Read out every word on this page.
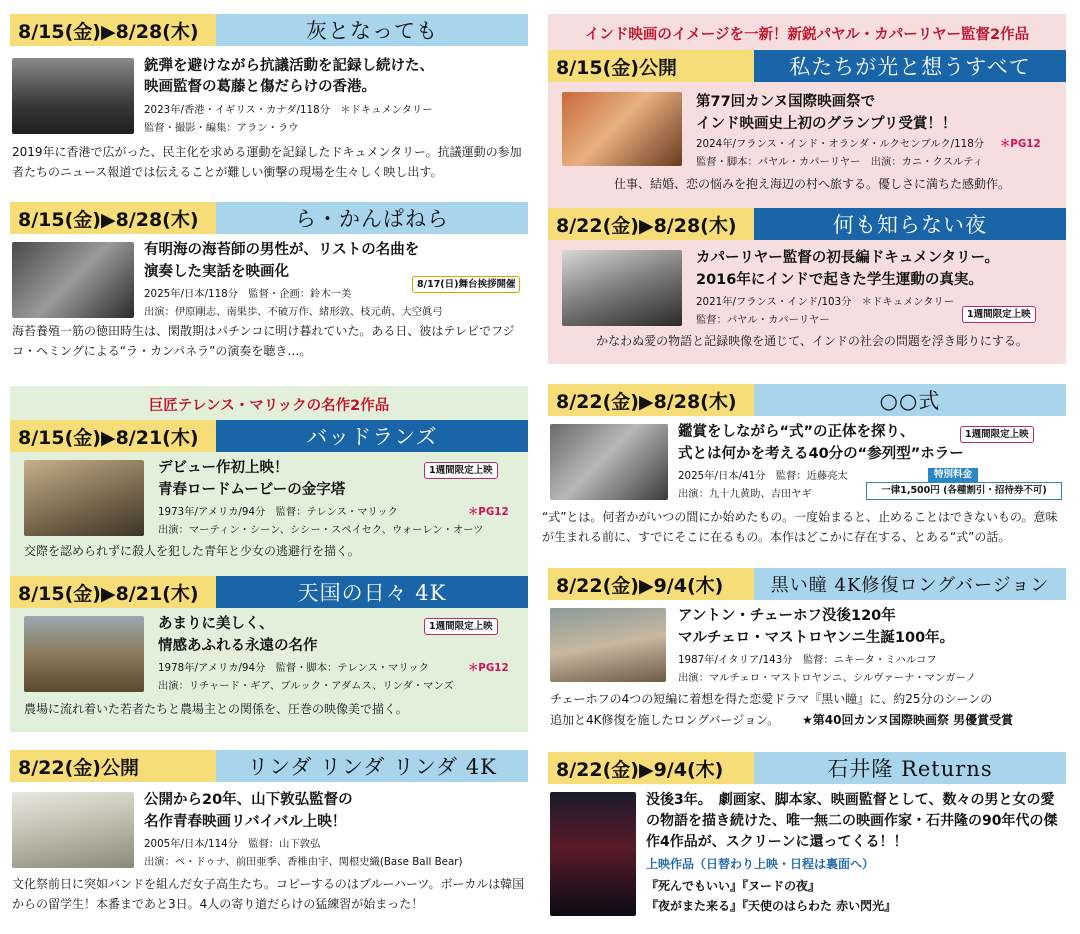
8/15(金)▶8/28(木)	灰となっても
銃弾を避けながら抗議活動を記録し続けた、
映画監督の葛藤と傷だらけの香港。
2023年/香港・イギリス・カナダ/118分　＊ドキュメンタリー
監督・撮影・編集：アラン・ラウ
2019年に香港で広がった、民主化を求める運動を記録したドキュメンタリー。抗議運動の参加者たちのニュース報道では伝えることが難しい衝撃の現場を生々しく映し出す。
8/15(金)▶8/28(木)	ら・かんぱねら
有明海の海苔師の男性が、リストの名曲を
演奏した実話を映画化
8/17(日)舞台挨拶開催
2025年/日本/118分　監督・企画：鈴木一美
出演：伊原剛志、南果歩、不破万作、緒形敦、枝元萌、大空眞弓
海苔養殖一筋の徳田時生は、閑散期はパチンコに明け暮れていた。ある日、彼はテレビでフジコ・ヘミングによる“ラ・カンパネラ”の演奏を聴き…。
巨匠テレンス・マリックの名作2作品
8/15(金)▶8/21(木)	バッドランズ
デビュー作初上映！
青春ロードムービーの金字塔
1週間限定上映
1973年/アメリカ/94分　監督：テレンス・マリック	＊PG12
出演：マーティン・シーン、シシー・スペイセク、ウォーレン・オーツ
交際を認められずに殺人を犯した青年と少女の逃避行を描く。
8/15(金)▶8/21(木)	天国の日々 4K
あまりに美しく、
情感あふれる永遠の名作
1週間限定上映
1978年/アメリカ/94分　監督・脚本：テレンス・マリック	＊PG12
出演：リチャード・ギア、ブルック・アダムス、リンダ・マンズ
農場に流れ着いた若者たちと農場主との関係を、圧巻の映像美で描く。
8/22(金)公開	リンダ リンダ リンダ 4K
公開から20年、山下敦弘監督の
名作青春映画リバイバル上映！
2005年/日本/114分　監督：山下敦弘
出演：ペ・ドゥナ、前田亜季、香椎由宇、関根史織(Base Ball Bear)
文化祭前日に突如バンドを組んだ女子高生たち。コピーするのはブルーハーツ。ボーカルは韓国からの留学生！本番まであと3日。4人の寄り道だらけの猛練習が始まった！
インド映画のイメージを一新！新鋭パヤル・カパーリヤー監督2作品
8/15(金)公開	私たちが光と想うすべて
第77回カンヌ国際映画祭で
インド映画史上初のグランプリ受賞！！
2024年/フランス・インド・オランダ・ルクセンブルク/118分 ＊PG12
監督・脚本：パヤル・カパーリヤー　出演：カニ・クスルティ
仕事、結婚、恋の悩みを抱え海辺の村へ旅する。優しさに満ちた感動作。
8/22(金)▶8/28(木)	何も知らない夜
カパーリヤー監督の初長編ドキュメンタリー。
2016年にインドで起きた学生運動の真実。
2021年/フランス・インド/103分　＊ドキュメンタリー
監督：パヤル・カパーリヤー	1週間限定上映
かなわぬ愛の物語と記録映像を通じて、インドの社会の問題を浮き彫りにする。
8/22(金)▶8/28(木)	○○式
鑑賞をしながら“式”の正体を探り、
式とは何かを考える40分の“参列型”ホラー
1週間限定上映
2025年/日本/41分　監督：近藤亮太
出演：九十九黄助、吉田ヤギ
特別料金
一律1,500円 (各種割引・招待券不可)
“式”とは。何者かがいつの間にか始めたもの。一度始まると、止めることはできないもの。意味が生まれる前に、すでにそこに在るもの。本作はどこかに存在する、とある“式”の話。
8/22(金)▶9/4(木)	黒い瞳 4K修復ロングバージョン
アントン・チェーホフ没後120年
マルチェロ・マストロヤンニ生誕100年。
1987年/イタリア/143分　監督：ニキータ・ミハルコフ
出演：マルチェロ・マストロヤンニ、シルヴァーナ・マンガーノ
チェーホフの4つの短編に着想を得た恋愛ドラマ『黒い瞳』に、約25分のシーンの
追加と4K修復を施したロングバージョン。 ★第40回カンヌ国際映画祭 男優賞受賞
8/22(金)▶9/4(木)	石井隆 Returns
没後3年。　劇画家、脚本家、映画監督として、数々の男と女の愛の物語を描き続けた、唯一無二の映画作家・石井隆の90年代の傑作4作品が、スクリーンに還ってくる！！
上映作品（日替わり上映・日程は裏面へ）
『死んでもいい』『ヌードの夜』
『夜がまた来る』『天使のはらわた 赤い閃光』
